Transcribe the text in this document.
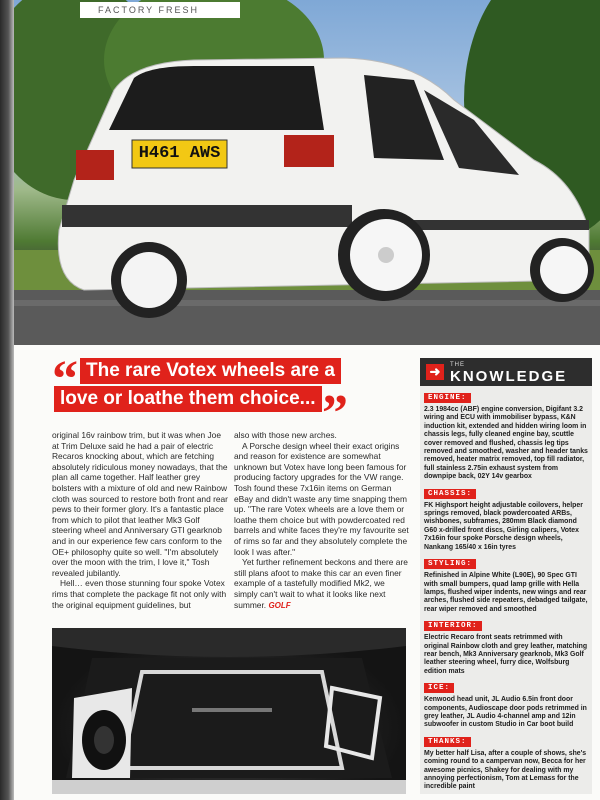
H461 AWS
FACTORY FRESH
“ The rare Votex wheels are a
love or loathe them choice... ”

original 16v rainbow trim, but it was when Joe at Trim Deluxe said he had a pair of electric Recaros knocking about, which are fetching absolutely ridiculous money nowadays, that the plan all came together. Half leather grey bolsters with a mixture of old and new Rainbow cloth was sourced to restore both front and rear pews to their former glory. It's a fantastic place from which to pilot that leather Mk3 Golf steering wheel and Anniversary GTI gearknob and in our experience few cars conform to the OE+ philosophy quite so well. "I'm absolutely over the moon with the trim, I love it," Tosh revealed jubilantly.

Hell… even those stunning four spoke Votex rims that complete the package fit not only with the original equipment guidelines, but

also with those new arches.

A Porsche design wheel their exact origins and reason for existence are somewhat unknown but Votex have long been famous for producing factory upgrades for the VW range. Tosh found these 7x16in items on German eBay and didn't waste any time snapping them up. "The rare Votex wheels are a love them or loathe them choice but with powdercoated red barrels and white faces they're my favourite set of rims so far and they absolutely complete the look I was after."

Yet further refinement beckons and there are still plans afoot to make this car an even finer example of a tastefully modified Mk2, we simply can't wait to what it looks like next summer. GOLF

➜	THE
KNOWLEDGE
ENGINE:
2.3 1984cc (ABF) engine conversion, Digifant 3.2 wiring and ECU with immobiliser bypass, K&N induction kit, extended and hidden wiring loom in chassis legs, fully cleaned engine bay, scuttle cover removed and flushed, chassis leg tips removed and smoothed, washer and header tanks removed, heater matrix removed, top fill radiator, full stainless 2.75in exhaust system from downpipe back, 02Y 14v gearbox
CHASSIS:
FK Highsport height adjustable coilovers, helper springs removed, black powdercoated ARBs, wishbones, subframes, 280mm Black diamond G60 x-drilled front discs, Girling calipers, Votex 7x16in four spoke Porsche design wheels, Nankang 165/40 x 16in tyres
STYLING:
Refinished in Alpine White (L90E), 90 Spec GTI with small bumpers, quad lamp grille with Hella lamps, flushed wiper indents, new wings and rear arches, flushed side repeaters, debadged tailgate, rear wiper removed and smoothed
INTERIOR:
Electric Recaro front seats retrimmed with original Rainbow cloth and grey leather, matching rear bench, Mk3 Anniversary gearknob, Mk3 Golf leather steering wheel, furry dice, Wolfsburg edition mats
ICE:
Kenwood head unit, JL Audio 6.5in front door components, Audioscape door pods retrimmed in grey leather, JL Audio 4-channel amp and 12in subwoofer in custom Studio in Car boot build
THANKS:
My better half Lisa, after a couple of shows, she's coming round to a campervan now, Becca for her awesome picnics, Shakey for dealing with my annoying perfectionism, Tom at Lemass for the incredible paint
